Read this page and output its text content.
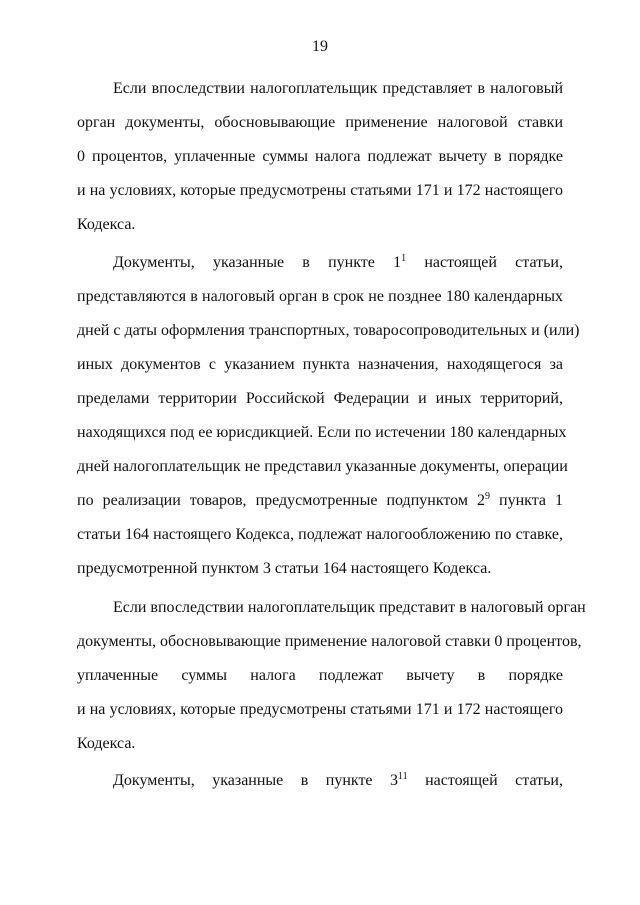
19
Если впоследствии налогоплательщик представляет в налоговый
орган документы, обосновывающие применение налоговой ставки
0 процентов, уплаченные суммы налога подлежат вычету в порядке
и на условиях, которые предусмотрены статьями 171 и 172 настоящего
Кодекса.
Документы, указанные в пункте $1^1$ настоящей статьи,
представляются в налоговый орган в срок не позднее 180 календарных
дней с даты оформления транспортных, товаросопроводительных и (или)
иных документов с указанием пункта назначения, находящегося за
пределами территории Российской Федерации и иных территорий,
находящихся под ее юрисдикцией. Если по истечении 180 календарных
дней налогоплательщик не представил указанные документы, операции
по реализации товаров, предусмотренные подпунктом $2^9$ пункта 1
статьи 164 настоящего Кодекса, подлежат налогообложению по ставке,
предусмотренной пунктом 3 статьи 164 настоящего Кодекса.
Если впоследствии налогоплательщик представит в налоговый орган
документы, обосновывающие применение налоговой ставки 0 процентов,
уплаченные суммы налога подлежат вычету в порядке
и на условиях, которые предусмотрены статьями 171 и 172 настоящего
Кодекса.
Документы, указанные в пункте $3^{11}$ настоящей статьи,
